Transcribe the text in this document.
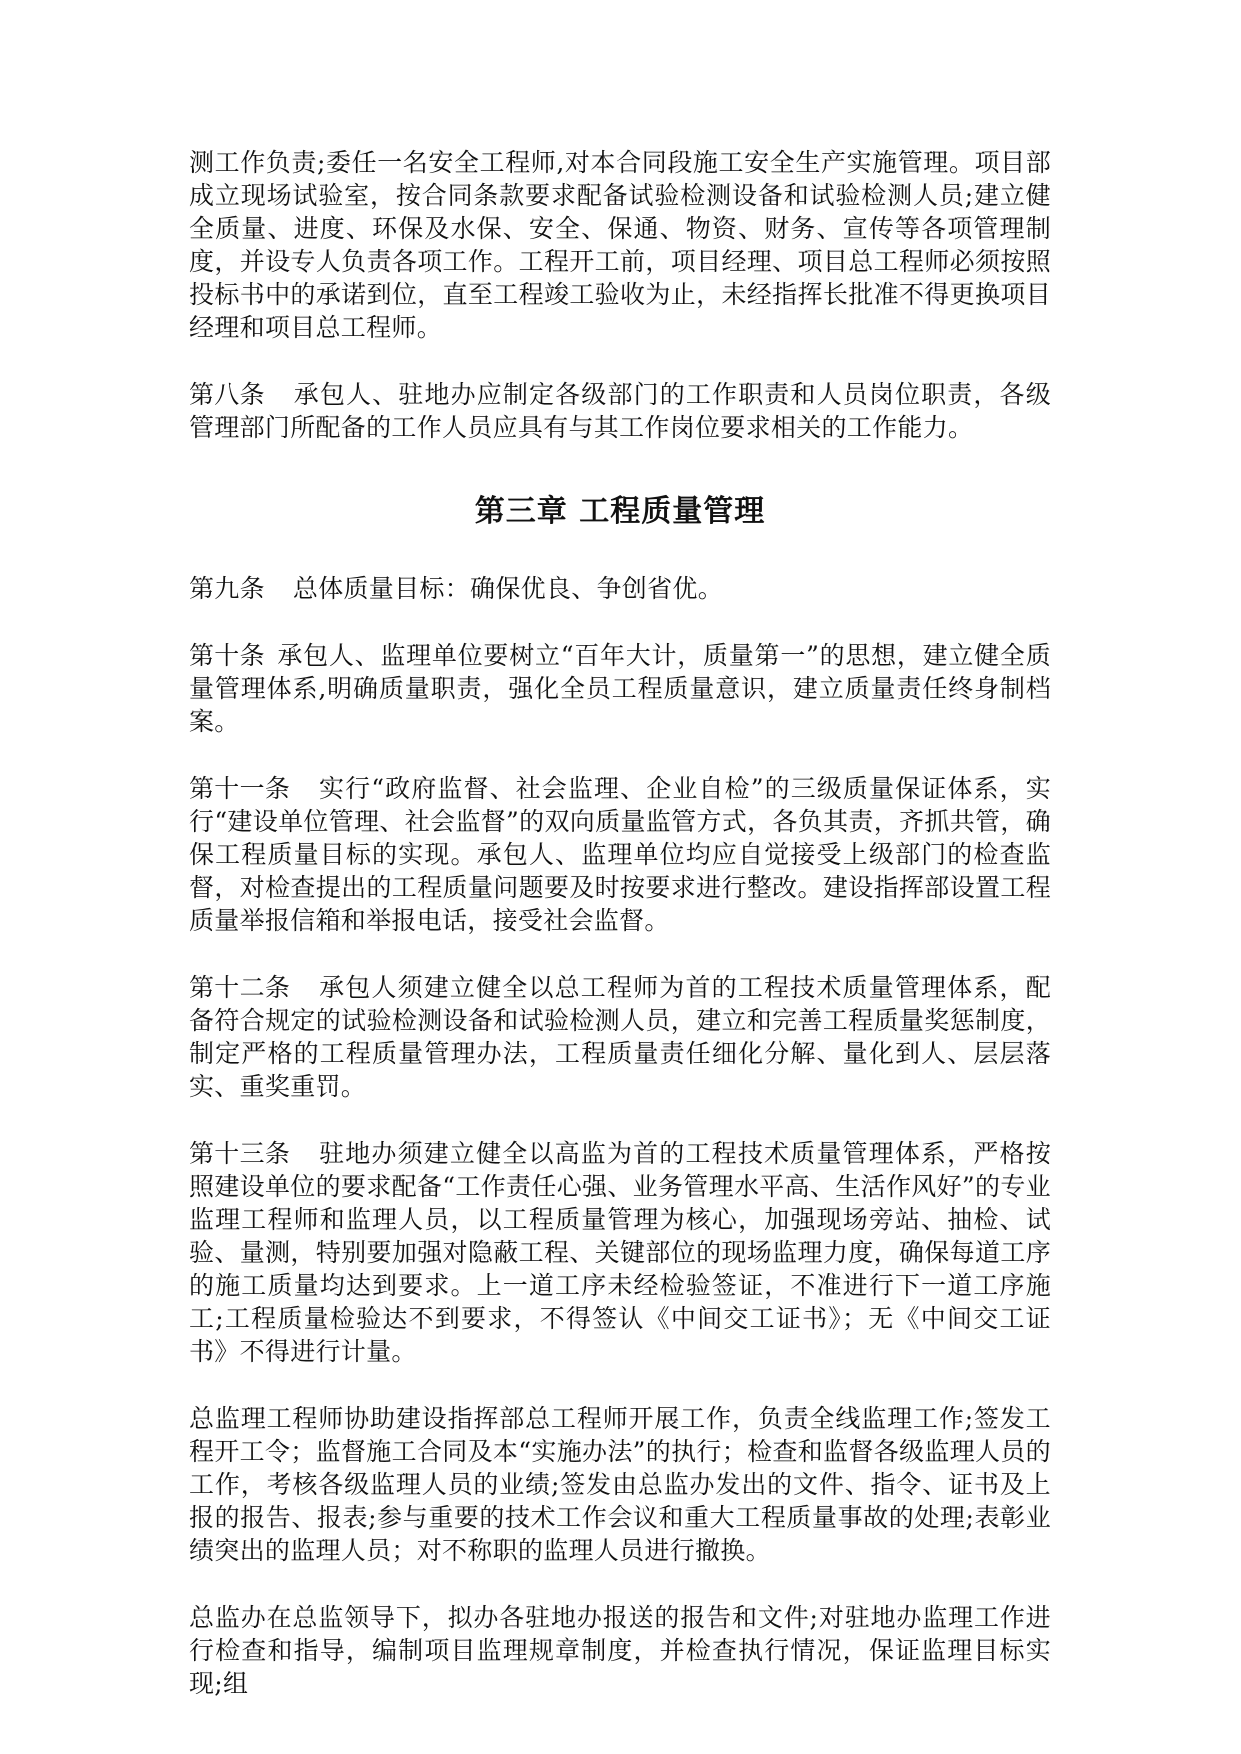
测工作负责;委任一名安全工程师,对本合同段施工安全生产实施管理。项目部成立现场试验室，按合同条款要求配备试验检测设备和试验检测人员;建立健全质量、进度、环保及水保、安全、保通、物资、财务、宣传等各项管理制度，并设专人负责各项工作。工程开工前，项目经理、项目总工程师必须按照投标书中的承诺到位，直至工程竣工验收为止，未经指挥长批准不得更换项目经理和项目总工程师。

第八条 承包人、驻地办应制定各级部门的工作职责和人员岗位职责，各级管理部门所配备的工作人员应具有与其工作岗位要求相关的工作能力。

第三章 工程质量管理

第九条 总体质量目标：确保优良、争创省优。

第十条 承包人、监理单位要树立“百年大计，质量第一”的思想，建立健全质量管理体系,明确质量职责，强化全员工程质量意识，建立质量责任终身制档案。

第十一条 实行“政府监督、社会监理、企业自检”的三级质量保证体系，实行“建设单位管理、社会监督”的双向质量监管方式，各负其责，齐抓共管，确保工程质量目标的实现。承包人、监理单位均应自觉接受上级部门的检查监督，对检查提出的工程质量问题要及时按要求进行整改。建设指挥部设置工程质量举报信箱和举报电话，接受社会监督。

第十二条 承包人须建立健全以总工程师为首的工程技术质量管理体系，配备符合规定的试验检测设备和试验检测人员，建立和完善工程质量奖惩制度，制定严格的工程质量管理办法，工程质量责任细化分解、量化到人、层层落实、重奖重罚。

第十三条 驻地办须建立健全以高监为首的工程技术质量管理体系，严格按照建设单位的要求配备“工作责任心强、业务管理水平高、生活作风好”的专业监理工程师和监理人员，以工程质量管理为核心，加强现场旁站、抽检、试验、量测，特别要加强对隐蔽工程、关键部位的现场监理力度，确保每道工序的施工质量均达到要求。上一道工序未经检验签证，不准进行下一道工序施工;工程质量检验达不到要求，不得签认《中间交工证书》；无《中间交工证书》不得进行计量。

总监理工程师协助建设指挥部总工程师开展工作，负责全线监理工作;签发工程开工令；监督施工合同及本“实施办法”的执行；检查和监督各级监理人员的工作，考核各级监理人员的业绩;签发由总监办发出的文件、指令、证书及上报的报告、报表;参与重要的技术工作会议和重大工程质量事故的处理;表彰业绩突出的监理人员；对不称职的监理人员进行撤换。

总监办在总监领导下，拟办各驻地办报送的报告和文件;对驻地办监理工作进行检查和指导，编制项目监理规章制度，并检查执行情况，保证监理目标实现;组
